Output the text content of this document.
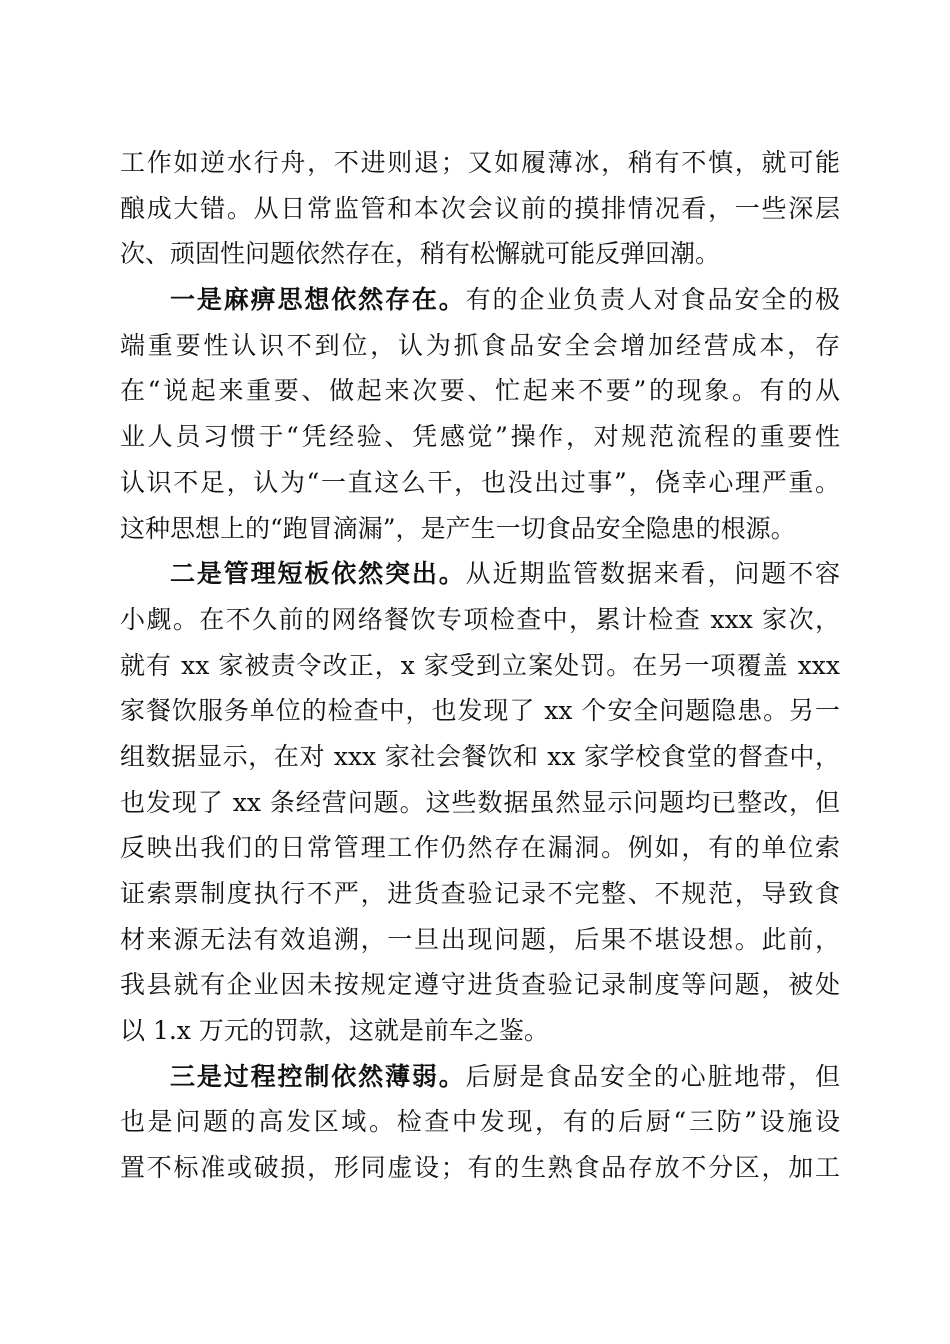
工作如逆水行舟，不进则退；又如履薄冰，稍有不慎，就可能
酿成大错。从日常监管和本次会议前的摸排情况看，一些深层
次、顽固性问题依然存在，稍有松懈就可能反弹回潮。
一是麻痹思想依然存在。有的企业负责人对食品安全的极
端重要性认识不到位，认为抓食品安全会增加经营成本，存
在“说起来重要、做起来次要、忙起来不要”的现象。有的从
业人员习惯于“凭经验、凭感觉”操作，对规范流程的重要性
认识不足，认为“一直这么干，也没出过事”，侥幸心理严重。
这种思想上的“跑冒滴漏”，是产生一切食品安全隐患的根源。
二是管理短板依然突出。从近期监管数据来看，问题不容
小觑。在不久前的网络餐饮专项检查中，累计检查 xxx 家次，
就有 xx 家被责令改正，x 家受到立案处罚。在另一项覆盖 xxx
家餐饮服务单位的检查中，也发现了 xx 个安全问题隐患。另一
组数据显示，在对 xxx 家社会餐饮和 xx 家学校食堂的督查中，
也发现了 xx 条经营问题。这些数据虽然显示问题均已整改，但
反映出我们的日常管理工作仍然存在漏洞。例如，有的单位索
证索票制度执行不严，进货查验记录不完整、不规范，导致食
材来源无法有效追溯，一旦出现问题，后果不堪设想。此前，
我县就有企业因未按规定遵守进货查验记录制度等问题，被处
以 1.x 万元的罚款，这就是前车之鉴。
三是过程控制依然薄弱。后厨是食品安全的心脏地带，但
也是问题的高发区域。检查中发现，有的后厨“三防”设施设
置不标准或破损，形同虚设；有的生熟食品存放不分区，加工
